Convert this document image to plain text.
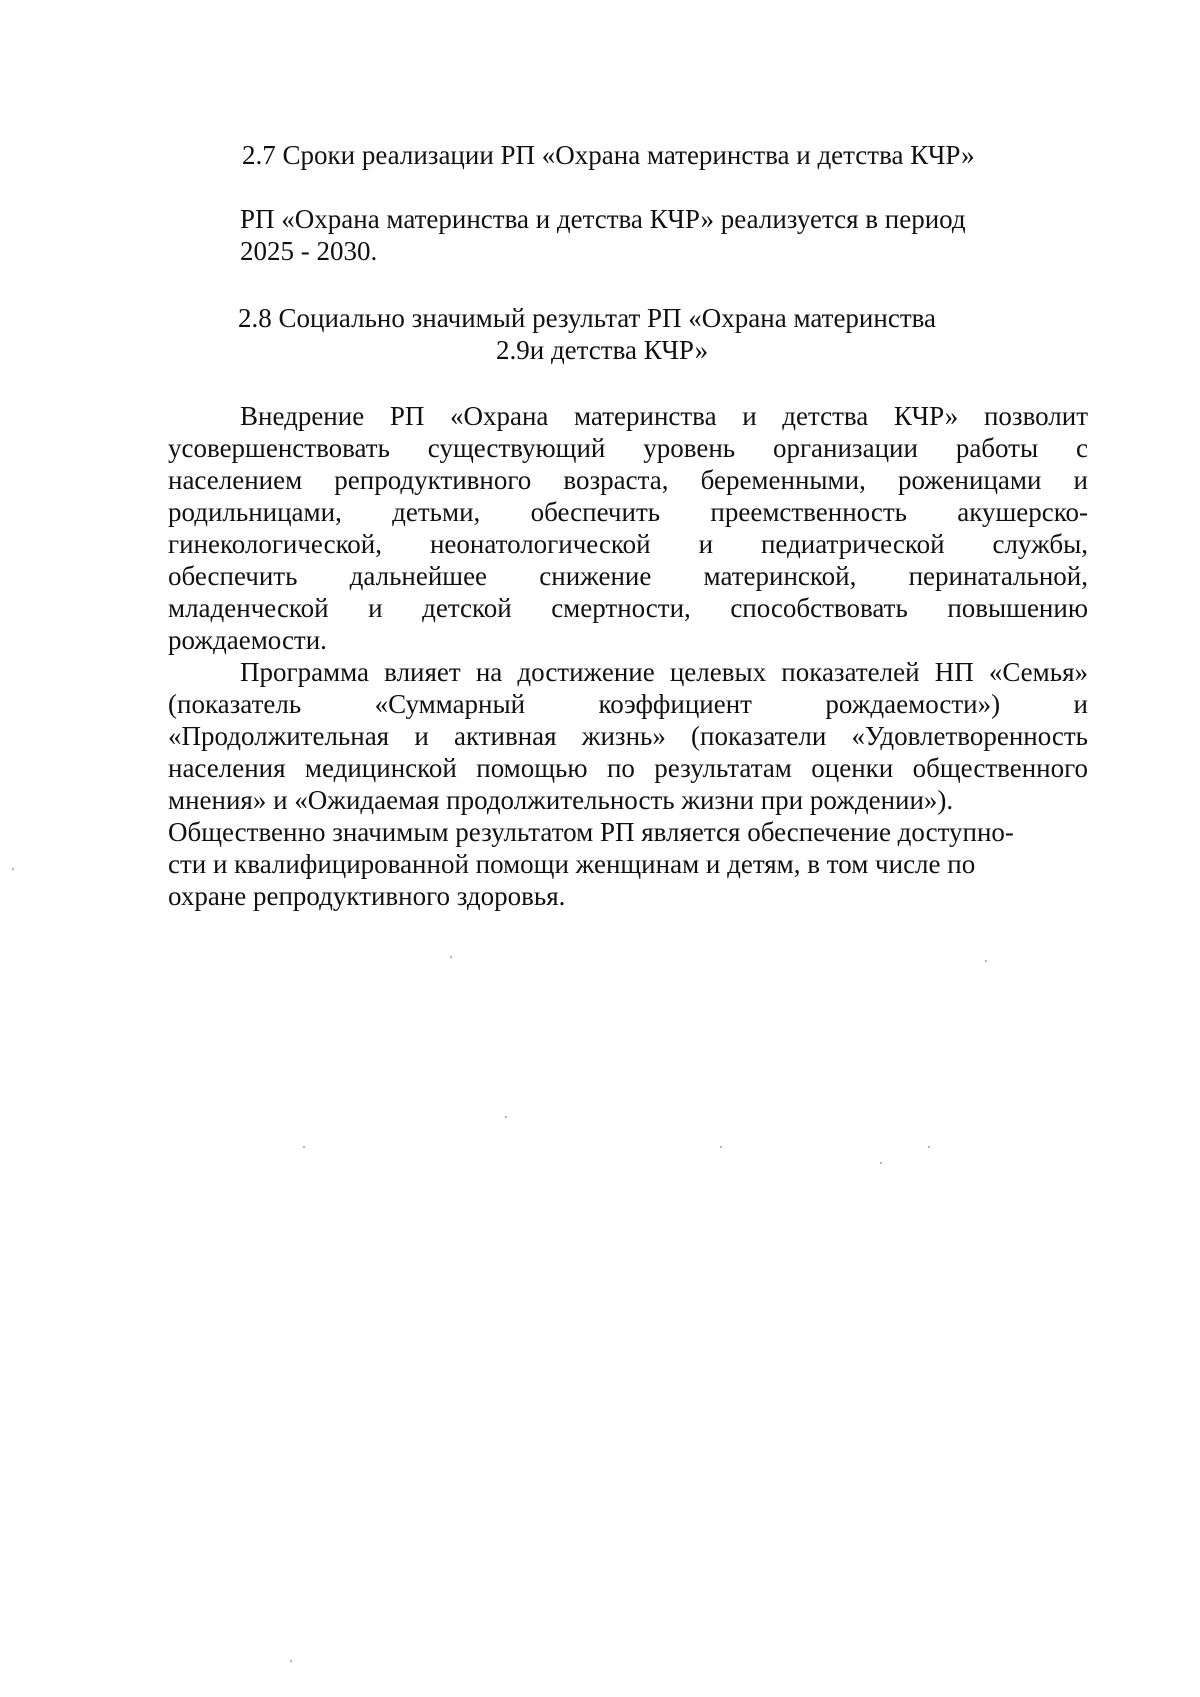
2.7 Сроки реализации РП «Охрана материнства и детства КЧР»
РП «Охрана материнства и детства КЧР» реализуется в период
2025 - 2030.
2.8 Социально значимый результат РП «Охрана материнства
2.9и детства КЧР»
Внедрение РП «Охрана материнства и детства КЧР» позволит
усовершенствовать существующий уровень организации работы с
населением репродуктивного возраста, беременными, роженицами и
родильницами, детьми, обеспечить преемственность акушерско-
гинекологической, неонатологической и педиатрической службы,
обеспечить дальнейшее снижение материнской, перинатальной,
младенческой и детской смертности, способствовать повышению
рождаемости.
Программа влияет на достижение целевых показателей НП «Семья»
(показатель «Суммарный коэффициент рождаемости») и
«Продолжительная и активная жизнь» (показатели «Удовлетворенность
населения медицинской помощью по результатам оценки общественного
мнения» и «Ожидаемая продолжительность жизни при рождении»).
Общественно значимым результатом РП является обеспечение доступно-
сти и квалифицированной помощи женщинам и детям, в том числе по
охране репродуктивного здоровья.
